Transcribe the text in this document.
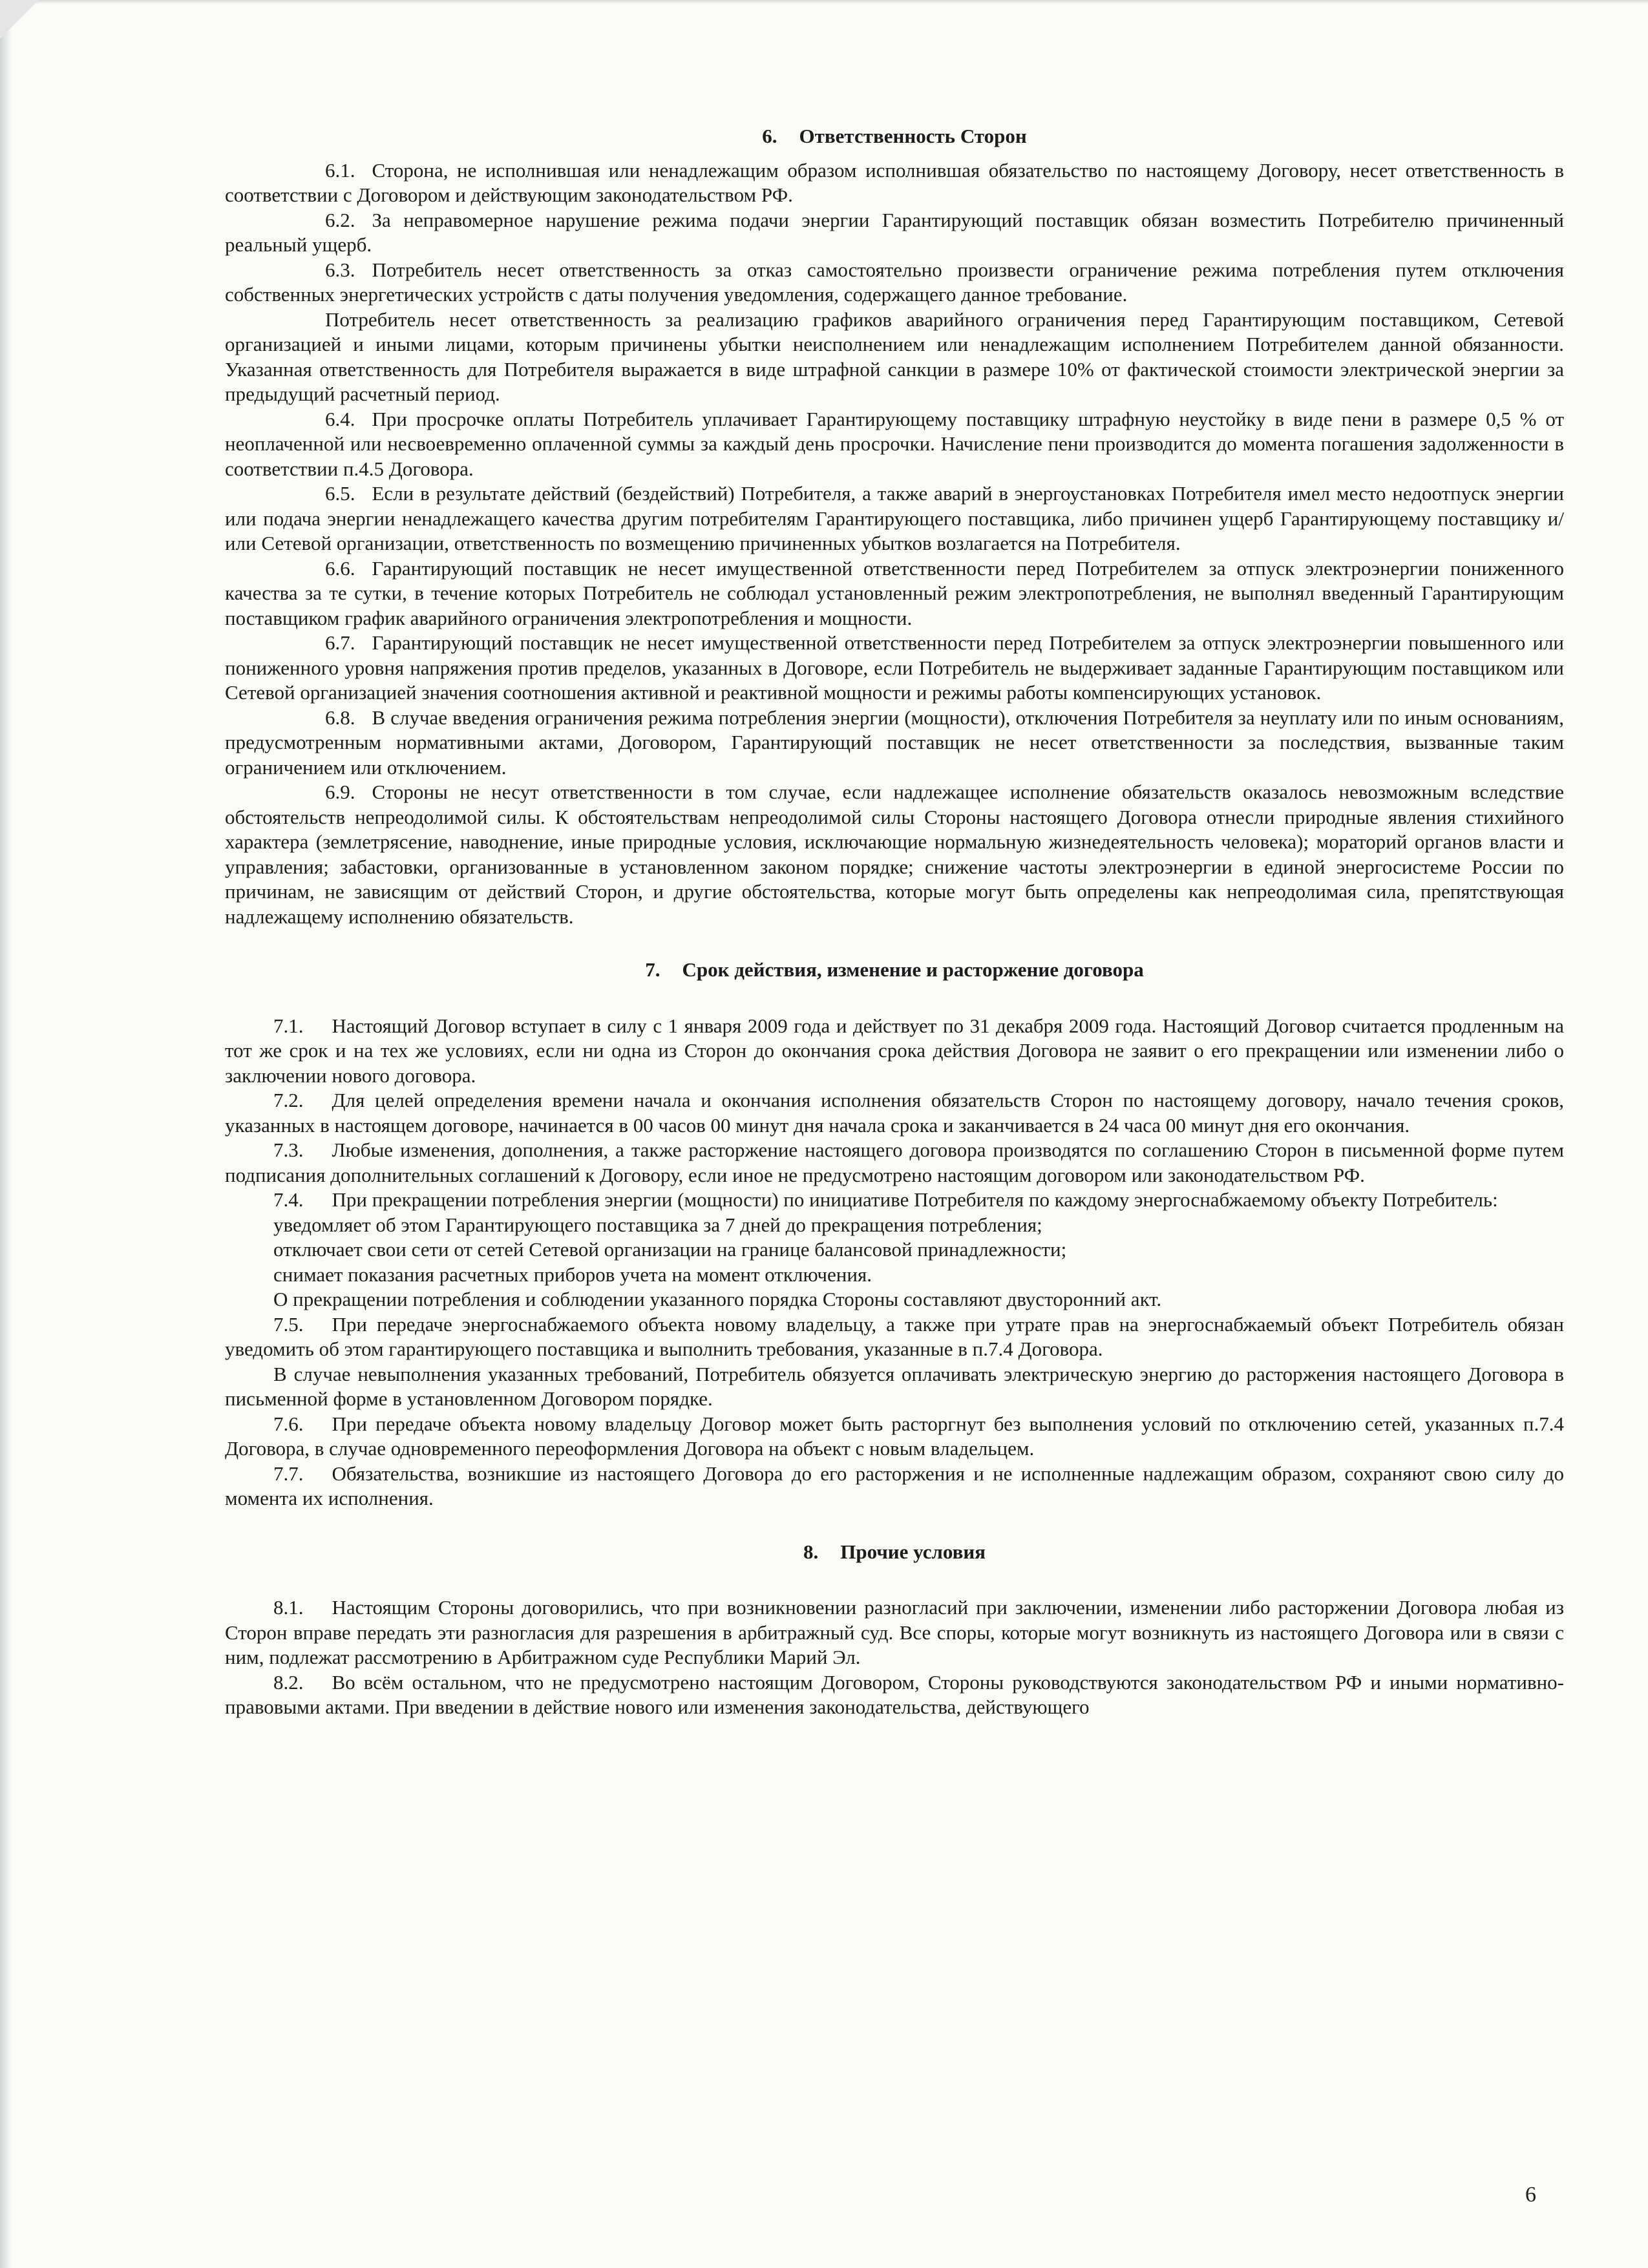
6. Ответственность Сторон

6.1. Сторона, не исполнившая или ненадлежащим образом исполнившая обязательство по настоящему Договору, несет ответственность в соответствии с Договором и действующим законодательством РФ.

6.2. За неправомерное нарушение режима подачи энергии Гарантирующий поставщик обязан возместить Потребителю причиненный реальный ущерб.

6.3. Потребитель несет ответственность за отказ самостоятельно произвести ограничение режима потребления путем отключения собственных энергетических устройств с даты получения уведомления, содержащего данное требование.

Потребитель несет ответственность за реализацию графиков аварийного ограничения перед Гарантирующим поставщиком, Сетевой организацией и иными лицами, которым причинены убытки неисполнением или ненадлежащим исполнением Потребителем данной обязанности. Указанная ответственность для Потребителя выражается в виде штрафной санкции в размере 10% от фактической стоимости электрической энергии за предыдущий расчетный период.

6.4. При просрочке оплаты Потребитель уплачивает Гарантирующему поставщику штрафную неустойку в виде пени в размере 0,5 % от неоплаченной или несвоевременно оплаченной суммы за каждый день просрочки. Начисление пени производится до момента погашения задолженности в соответствии п.4.5 Договора.

6.5. Если в результате действий (бездействий) Потребителя, а также аварий в энергоустановках Потребителя имел место недоотпуск энергии или подача энергии ненадлежащего качества другим потребителям Гарантирующего поставщика, либо причинен ущерб Гарантирующему поставщику и/или Сетевой организации, ответственность по возмещению причиненных убытков возлагается на Потребителя.

6.6. Гарантирующий поставщик не несет имущественной ответственности перед Потребителем за отпуск электроэнергии пониженного качества за те сутки, в течение которых Потребитель не соблюдал установленный режим электропотребления, не выполнял введенный Гарантирующим поставщиком график аварийного ограничения электропотребления и мощности.

6.7. Гарантирующий поставщик не несет имущественной ответственности перед Потребителем за отпуск электроэнергии повышенного или пониженного уровня напряжения против пределов, указанных в Договоре, если Потребитель не выдерживает заданные Гарантирующим поставщиком или Сетевой организацией значения соотношения активной и реактивной мощности и режимы работы компенсирующих установок.

6.8. В случае введения ограничения режима потребления энергии (мощности), отключения Потребителя за неуплату или по иным основаниям, предусмотренным нормативными актами, Договором, Гарантирующий поставщик не несет ответственности за последствия, вызванные таким ограничением или отключением.

6.9. Стороны не несут ответственности в том случае, если надлежащее исполнение обязательств оказалось невозможным вследствие обстоятельств непреодолимой силы. К обстоятельствам непреодолимой силы Стороны настоящего Договора отнесли природные явления стихийного характера (землетрясение, наводнение, иные природные условия, исключающие нормальную жизнедеятельность человека); мораторий органов власти и управления; забастовки, организованные в установленном законом порядке; снижение частоты электроэнергии в единой энергосистеме России по причинам, не зависящим от действий Сторон, и другие обстоятельства, которые могут быть определены как непреодолимая сила, препятствующая надлежащему исполнению обязательств.

7. Срок действия, изменение и расторжение договора

7.1. Настоящий Договор вступает в силу с 1 января 2009 года и действует по 31 декабря 2009 года. Настоящий Договор считается продленным на тот же срок и на тех же условиях, если ни одна из Сторон до окончания срока действия Договора не заявит о его прекращении или изменении либо о заключении нового договора.

7.2. Для целей определения времени начала и окончания исполнения обязательств Сторон по настоящему договору, начало течения сроков, указанных в настоящем договоре, начинается в 00 часов 00 минут дня начала срока и заканчивается в 24 часа 00 минут дня его окончания.

7.3. Любые изменения, дополнения, а также расторжение настоящего договора производятся по соглашению Сторон в письменной форме путем подписания дополнительных соглашений к Договору, если иное не предусмотрено настоящим договором или законодательством РФ.

7.4. При прекращении потребления энергии (мощности) по инициативе Потребителя по каждому энергоснабжаемому объекту Потребитель:

уведомляет об этом Гарантирующего поставщика за 7 дней до прекращения потребления;

отключает свои сети от сетей Сетевой организации на границе балансовой принадлежности;

снимает показания расчетных приборов учета на момент отключения.

О прекращении потребления и соблюдении указанного порядка Стороны составляют двусторонний акт.

7.5. При передаче энергоснабжаемого объекта новому владельцу, а также при утрате прав на энергоснабжаемый объект Потребитель обязан уведомить об этом гарантирующего поставщика и выполнить требования, указанные в п.7.4 Договора.

В случае невыполнения указанных требований, Потребитель обязуется оплачивать электрическую энергию до расторжения настоящего Договора в письменной форме в установленном Договором порядке.

7.6. При передаче объекта новому владельцу Договор может быть расторгнут без выполнения условий по отключению сетей, указанных п.7.4 Договора, в случае одновременного переоформления Договора на объект с новым владельцем.

7.7. Обязательства, возникшие из настоящего Договора до его расторжения и не исполненные надлежащим образом, сохраняют свою силу до момента их исполнения.

8. Прочие условия

8.1. Настоящим Стороны договорились, что при возникновении разногласий при заключении, изменении либо расторжении Договора любая из Сторон вправе передать эти разногласия для разрешения в арбитражный суд. Все споры, которые могут возникнуть из настоящего Договора или в связи с ним, подлежат рассмотрению в Арбитражном суде Республики Марий Эл.

8.2. Во всём остальном, что не предусмотрено настоящим Договором, Стороны руководствуются законодательством РФ и иными нормативно-правовыми актами. При введении в действие нового или изменения законодательства, действующего

6
